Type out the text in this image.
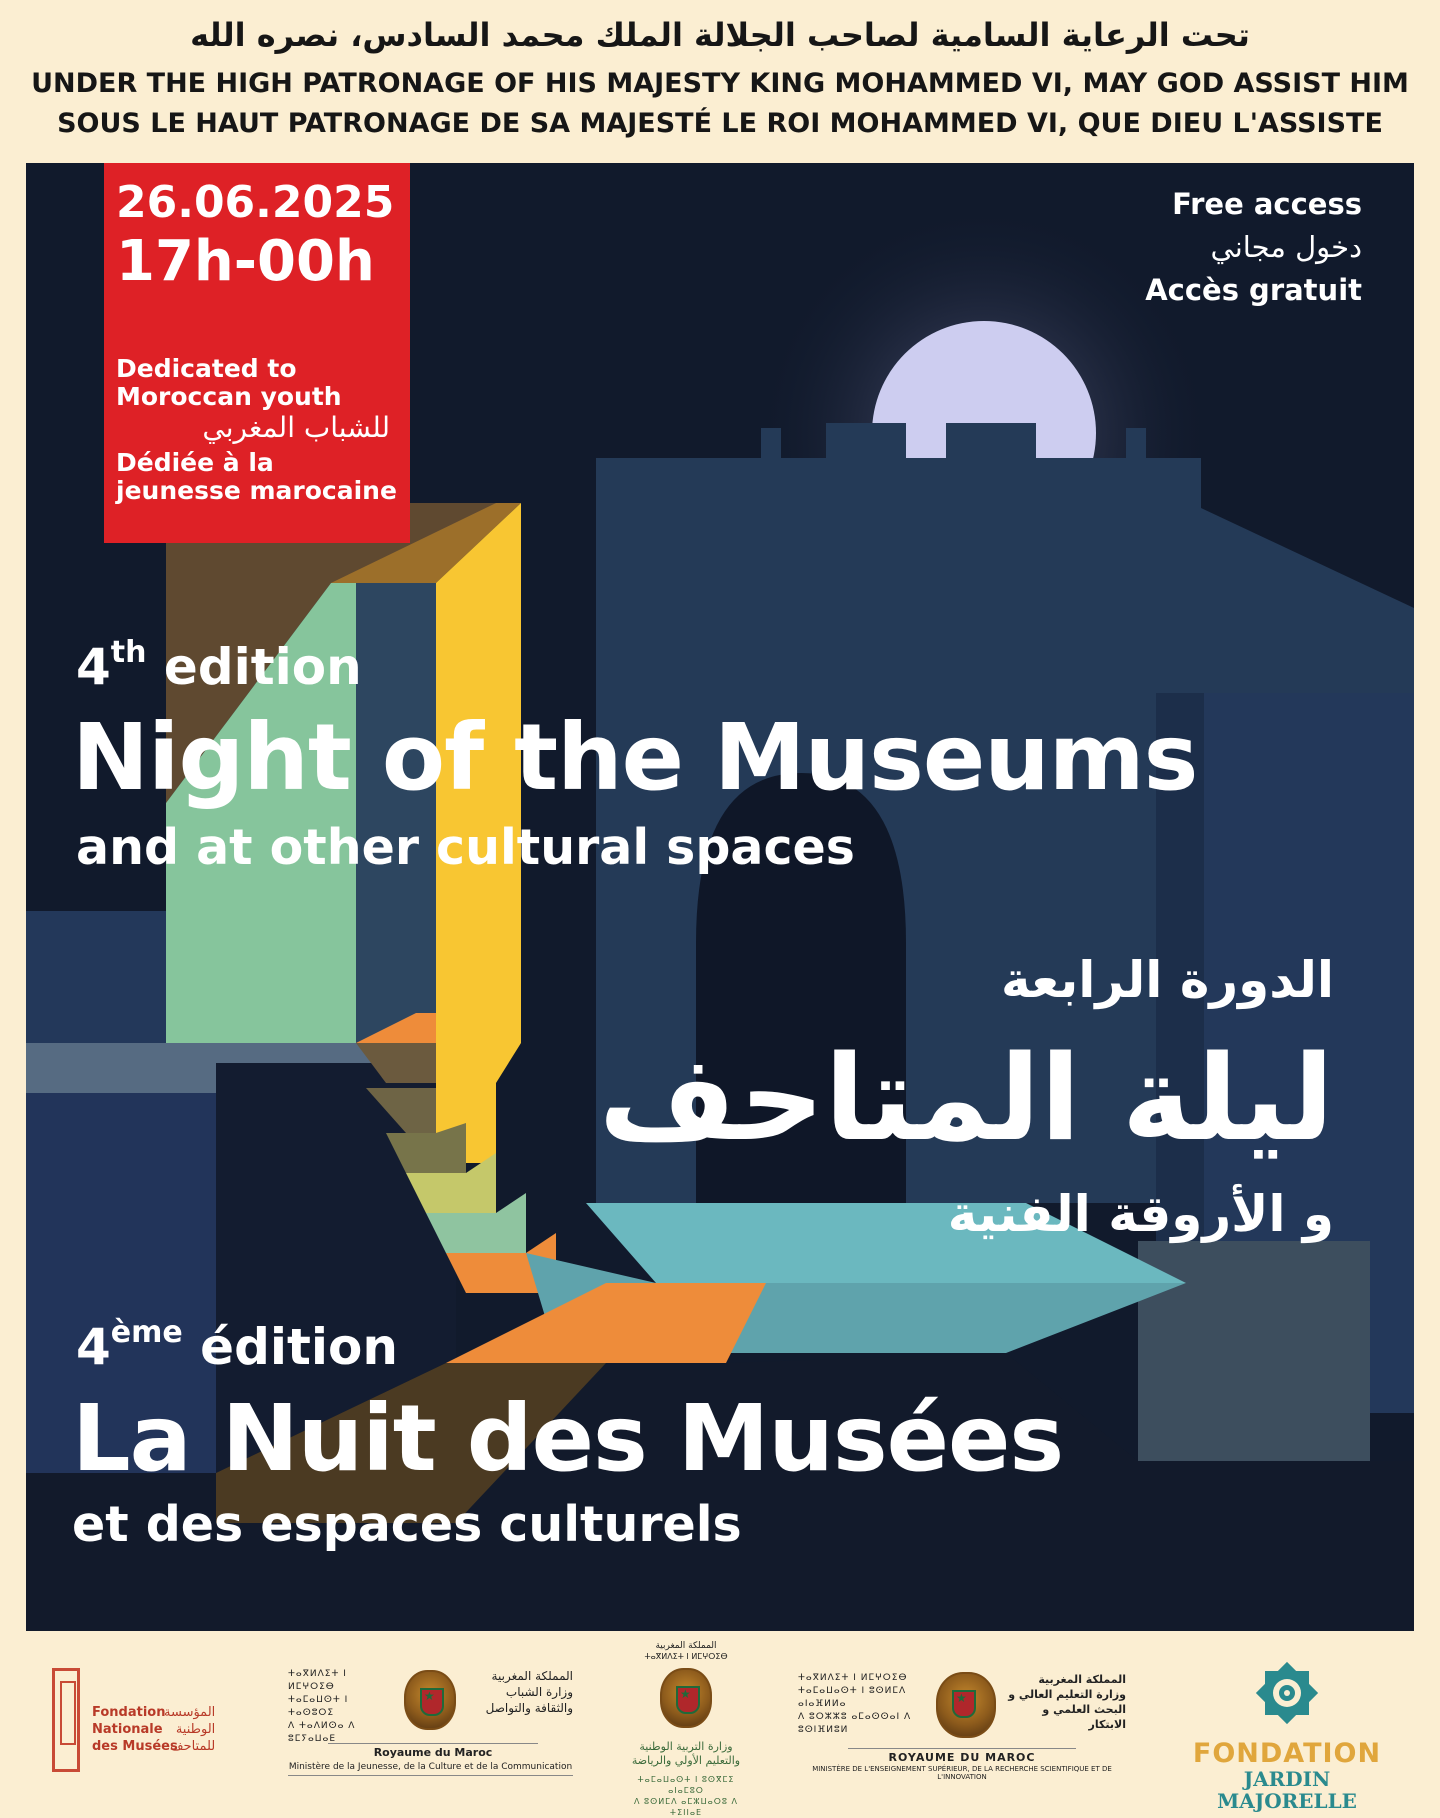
تحت الرعاية السامية لصاحب الجلالة الملك محمد السادس، نصره الله
UNDER THE HIGH PATRONAGE OF HIS MAJESTY KING MOHAMMED VI, MAY GOD ASSIST HIM
SOUS LE HAUT PATRONAGE DE SA MAJESTÉ LE ROI MOHAMMED VI, QUE DIEU L'ASSISTE
26.06.2025
17h-00h
Dedicated to Moroccan youth
للشباب المغربي
Dédiée à la jeunesse marocaine
Free access
دخول مجاني
Accès gratuit
4th edition
Night of the Museums
and at other cultural spaces
الدورة الرابعة
ليلة المتاحف
و الأروقة الفنية
4ème édition
La Nuit des Musées
et des espaces culturels
Fondation
Nationale
des Musées
المؤسسة
الوطنية
للمتاحف
ⵜⴰⴳⵍⴷⵉⵜ ⵏ ⵍⵎⵖⵔⵉⴱ
ⵜⴰⵎⴰⵡⵙⵜ ⵏ ⵜⴰⵙⵓⵔⵉ
ⴷ ⵜⴰⴷⵍⵙⴰ ⴷ ⵓⵎⵢⴰⵡⴰⴹ
★
المملكة المغربية وزارة الشباب والثقافة والتواصل
Royaume du Maroc
Ministère de la Jeunesse, de la Culture et de la Communication
المملكة المغربية
ⵜⴰⴳⵍⴷⵉⵜ ⵏ ⵍⵎⵖⵔⵉⴱ
★
وزارة التربية الوطنية والتعليم الأولي والرياضة
ⵜⴰⵎⴰⵡⴰⵙⵜ ⵏ ⵓⵙⴳⵎⵉ ⴰⵏⴰⵎⵓⵔ
ⴷ ⵓⵙⵍⵎⴷ ⴰⵎⵣⵡⴰⵔⵓ ⴷ ⵜⵉⵏⵏⴰⴹ
ⵜⴰⴳⵍⴷⵉⵜ ⵏ ⵍⵎⵖⵔⵉⴱ
ⵜⴰⵎⴰⵡⴰⵙⵜ ⵏ ⵓⵙⵍⵎⴷ ⴰⵏⴰⴼⵍⵍⴰ
ⴷ ⵓⵔⵣⵣⵓ ⴰⵎⴰⵙⵙⴰⵏ ⴷ ⵓⵙⵏⴼⵍⵓⵍ
★
المملكة المغربية وزارة التعليم العالي و البحث العلمي و الابتكار
ROYAUME DU MAROC
MINISTÈRE DE L'ENSEIGNEMENT SUPÉRIEUR, DE LA RECHERCHE SCIENTIFIQUE ET DE L'INNOVATION
FONDATION
JARDIN MAJORELLE
